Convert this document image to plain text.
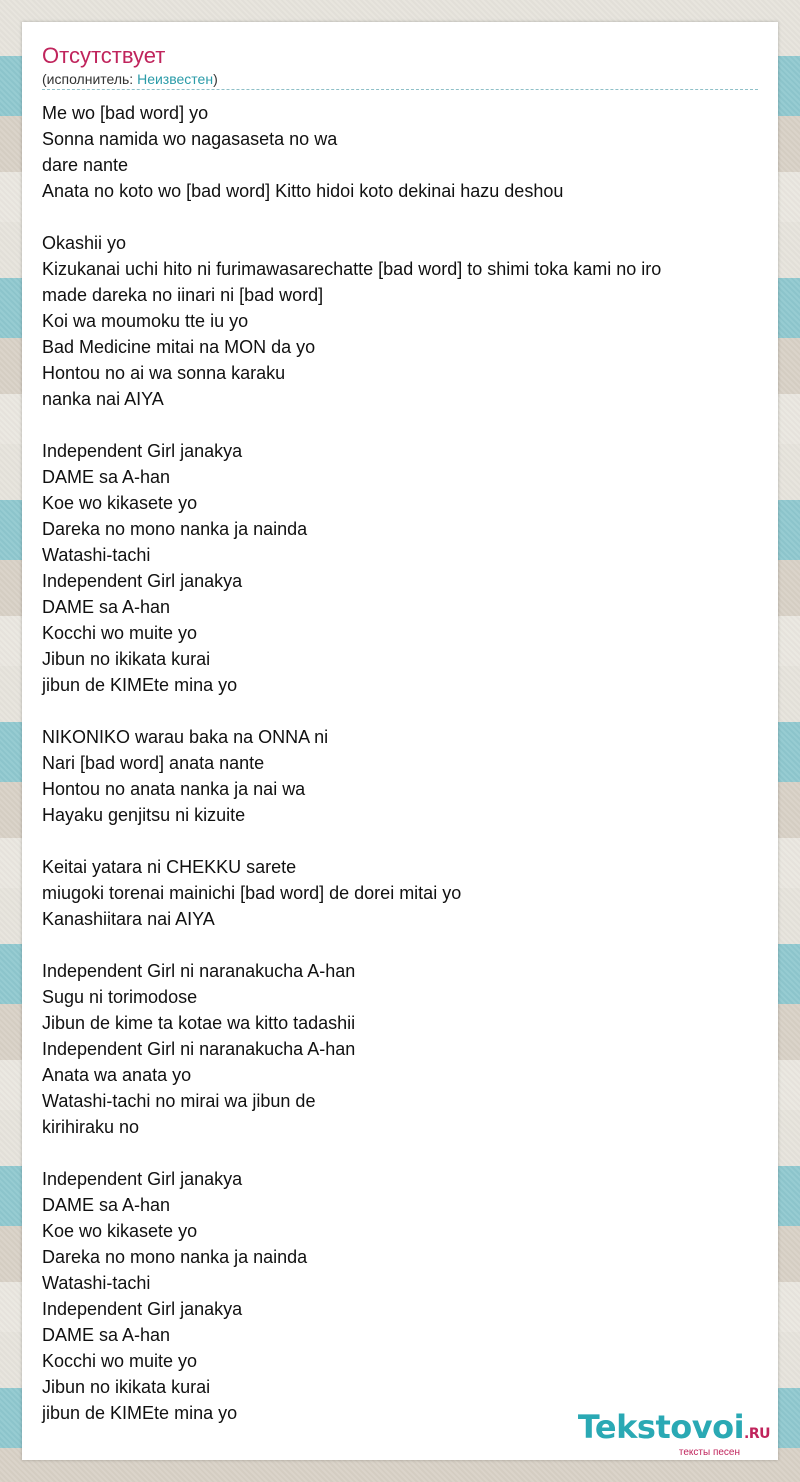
Отсутствует
(исполнитель: Неизвестен)
Me wo [bad word] yo
Sonna namida wo nagasaseta no wa
dare nante
Anata no koto wo [bad word] Kitto hidoi koto dekinai hazu deshou
Okashii yo
Kizukanai uchi hito ni furimawasarechatte [bad word] to shimi toka kami no iro
made dareka no iinari ni [bad word]
Koi wa moumoku tte iu yo
Bad Medicine mitai na MON da yo
Hontou no ai wa sonna karaku
nanka nai AIYA
Independent Girl janakya
DAME sa A-han
Koe wo kikasete yo
Dareka no mono nanka ja nainda
Watashi-tachi
Independent Girl janakya
DAME sa A-han
Kocchi wo muite yo
Jibun no ikikata kurai
jibun de KIMEte mina yo
NIKONIKO warau baka na ONNA ni
Nari [bad word] anata nante
Hontou no anata nanka ja nai wa
Hayaku genjitsu ni kizuite
Keitai yatara ni CHEKKU sarete
miugoki torenai mainichi [bad word] de dorei mitai yo
Kanashiitara nai AIYA
Independent Girl ni naranakucha A-han
Sugu ni torimodose
Jibun de kime ta kotae wa kitto tadashii
Independent Girl ni naranakucha A-han
Anata wa anata yo
Watashi-tachi no mirai wa jibun de
kirihiraku no
Independent Girl janakya
DAME sa A-han
Koe wo kikasete yo
Dareka no mono nanka ja nainda
Watashi-tachi
Independent Girl janakya
DAME sa A-han
Kocchi wo muite yo
Jibun no ikikata kurai
jibun de KIMEte mina yo	Tekstovoi.RU
тексты песен
